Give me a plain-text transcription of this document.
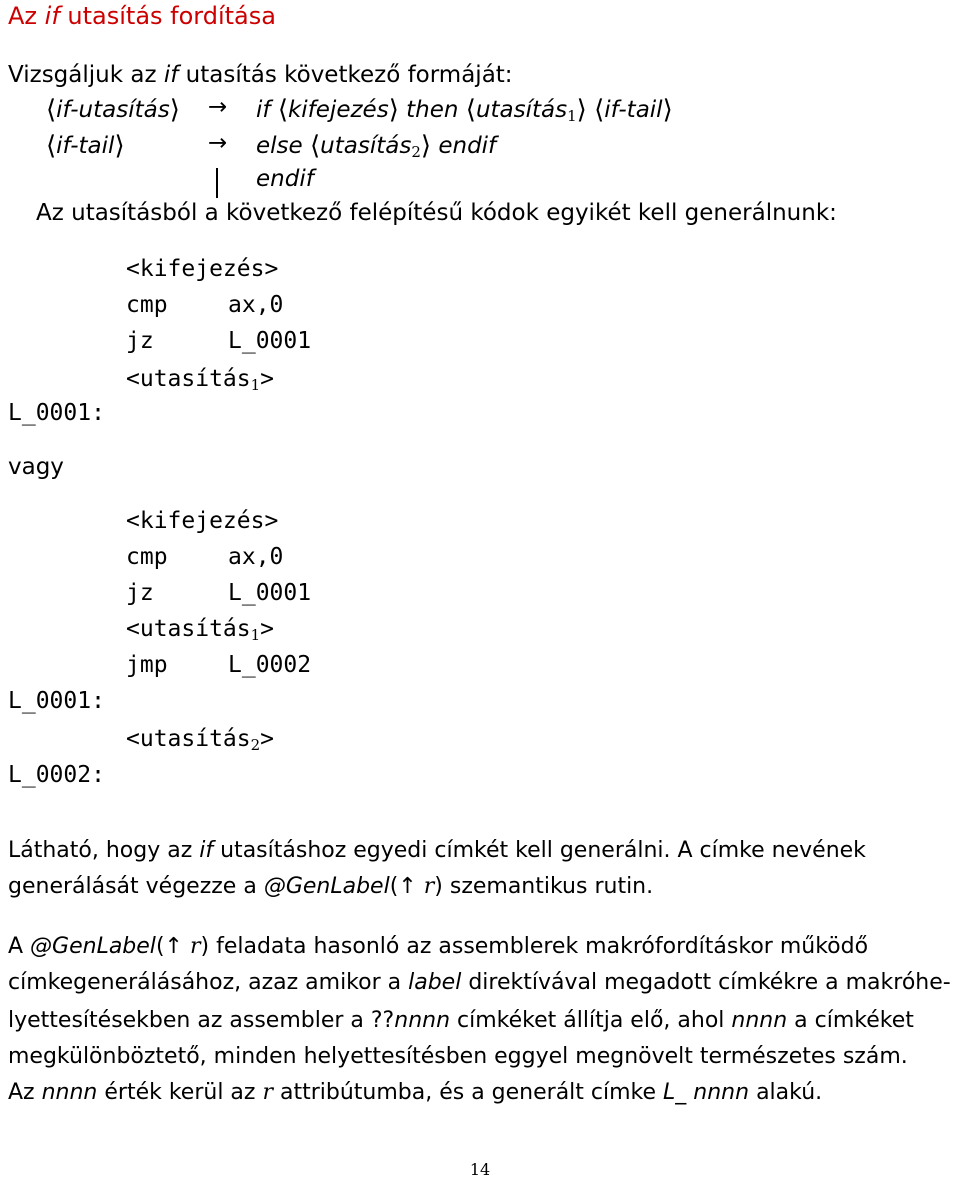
Az if utasítás fordítása
Vizsgáljuk az if utasítás következő formáját:
⟨if-utasítás⟩ → if ⟨kifejezés⟩ then ⟨utasítás$_1$⟩ ⟨if-tail⟩
⟨if-tail⟩	→ else ⟨utasítás$_2$⟩ endif
endif
Az utasításból a következő felépítésű kódok egyikét kell generálnunk:
<kifejezés>
cmp	ax,0
jz	L_0001
<utasítás$_1$>
L_0001:
vagy
<kifejezés>
cmp	ax,0
jz	L_0001
<utasítás$_1$>
jmp	L_0002
L_0001:
<utasítás$_2$>
L_0002:
Látható, hogy az if utasításhoz egyedi címkét kell generálni. A címke nevének
generálását végezze a @GenLabel(↑ r) szemantikus rutin.
A @GenLabel(↑ r) feladata hasonló az assemblerek makrófordításkor működő
címkegenerálásához, azaz amikor a label direktívával megadott címkékre a makróhe-
lyettesítésekben az assembler a ??nnnn címkéket állítja elő, ahol nnnn a címkéket
megkülönböztető, minden helyettesítésben eggyel megnövelt természetes szám.
Az nnnn érték kerül az r attribútumba, és a generált címke L_ nnnn alakú.
14
